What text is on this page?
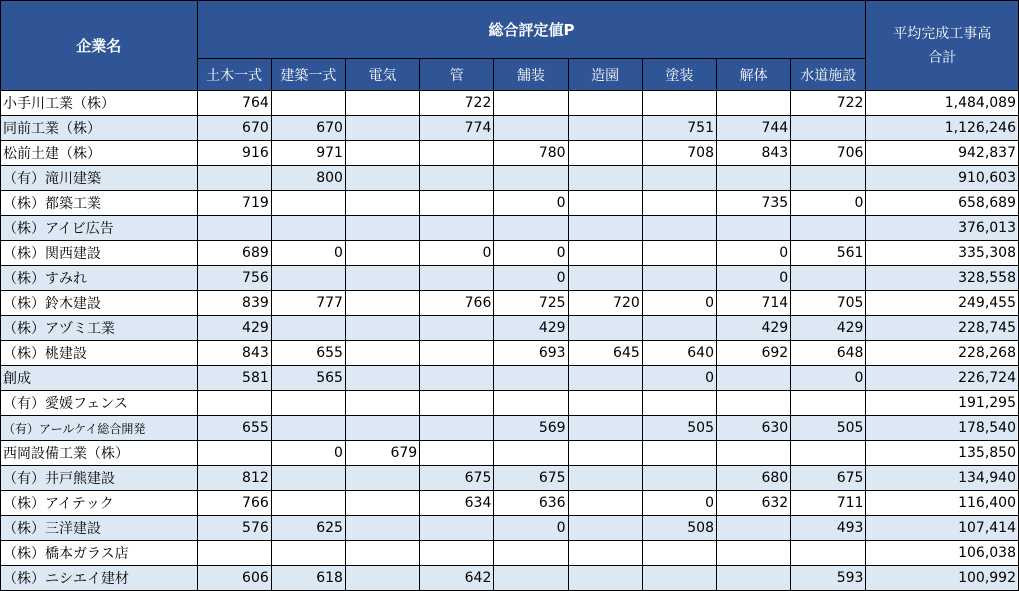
企業名	総合評定値P									平均完成工事高
合計
	土木一式	建築一式	電気	管	舗装	造園	塗装	解体	水道施設	
小手川工業（株）	764			722					722	1,484,089
同前工業（株）	670	670		774			751	744		1,126,246
松前土建（株）	916	971			780		708	843	706	942,837
（有）滝川建築		800								910,603
（株）都築工業	719				0			735	0	658,689
（株）アイビ広告										376,013
（株）関西建設	689	0		0	0			0	561	335,308
（株）すみれ	756				0			0		328,558
（株）鈴木建設	839	777		766	725	720	0	714	705	249,455
（株）アヅミ工業	429				429			429	429	228,745
（株）桃建設	843	655			693	645	640	692	648	228,268
創成	581	565					0		0	226,724
（有）愛媛フェンス										191,295
（有）アールケイ総合開発	655				569		505	630	505	178,540
西岡設備工業（株）		0	679							135,850
（有）井戸熊建設	812			675	675			680	675	134,940
（株）アイテック	766			634	636		0	632	711	116,400
（株）三洋建設	576	625			0		508		493	107,414
（株）橋本ガラス店										106,038
（株）ニシエイ建材	606	618		642					593	100,992
